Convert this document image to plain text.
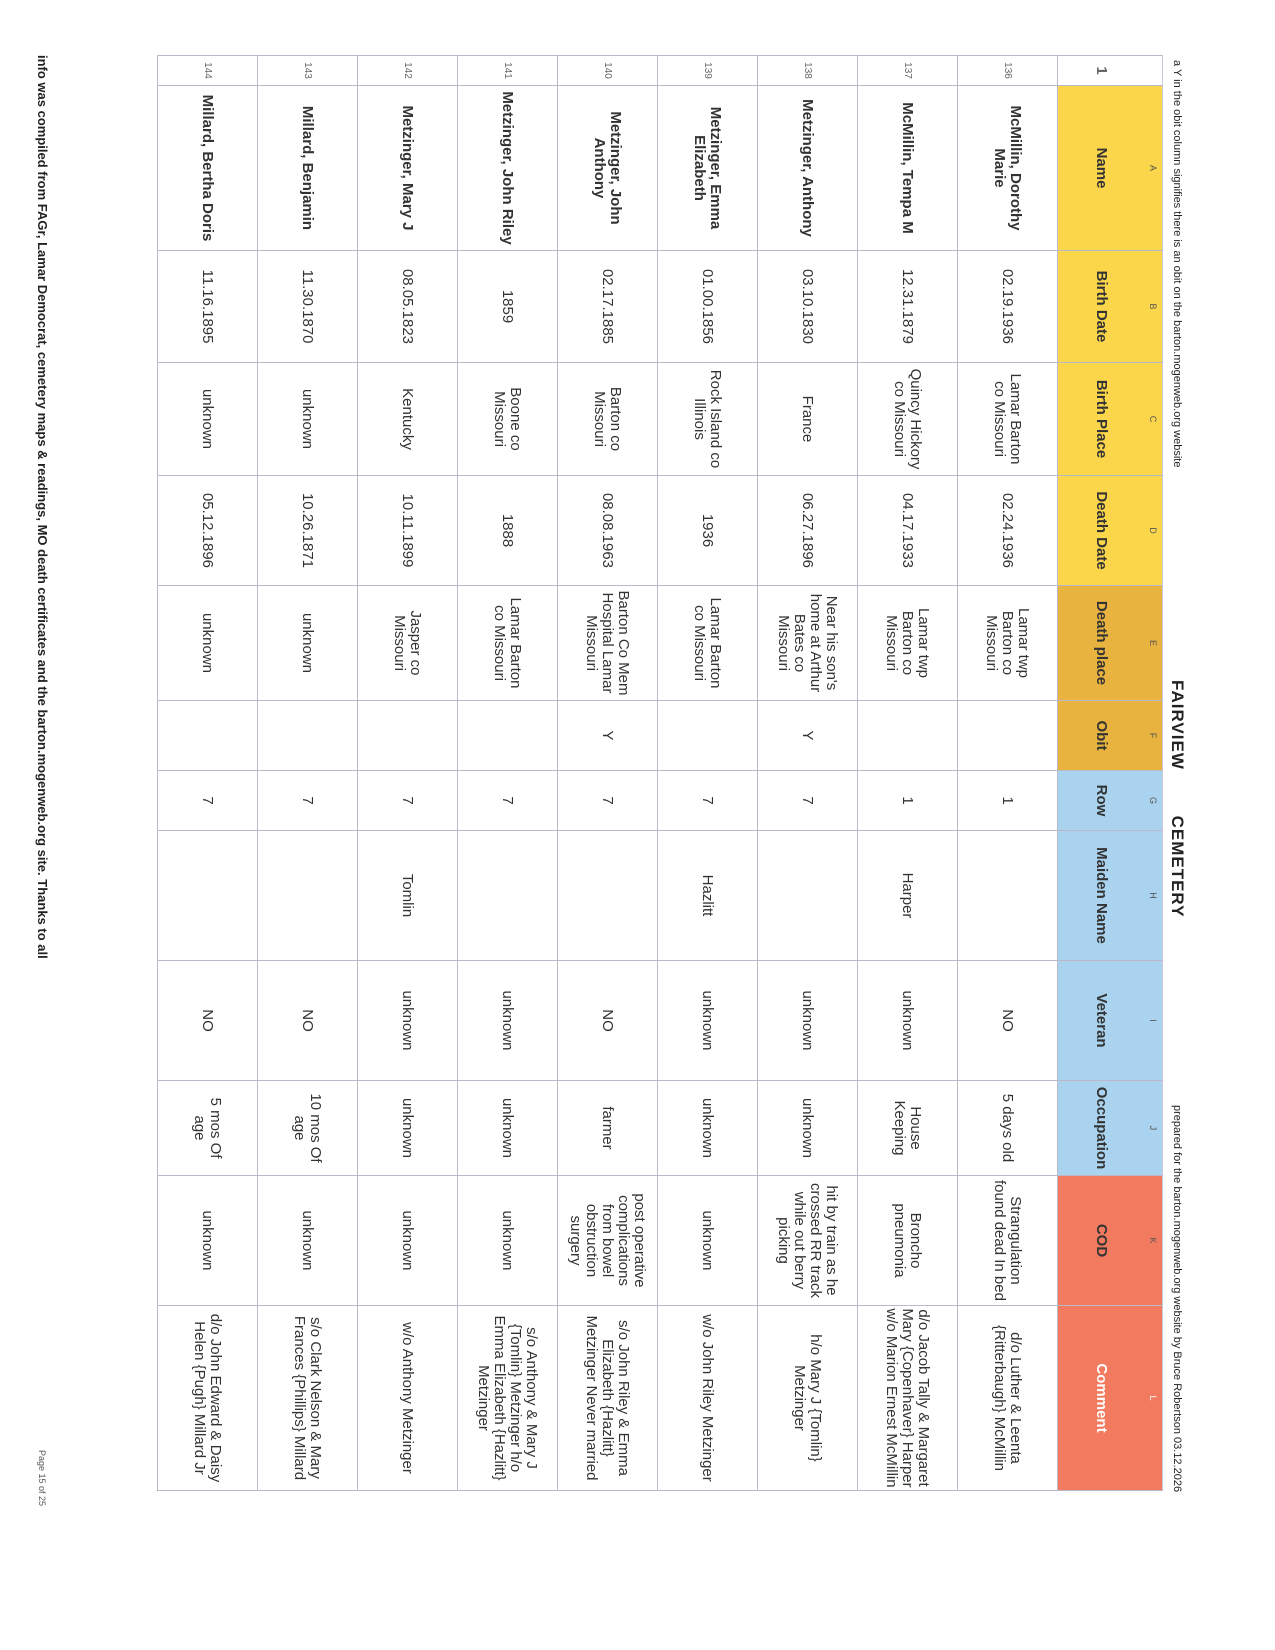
a Y in the obit column signifies there is an obit on the barton.mogenweb.org website
FAIRVIEW CEMETERY
prepared for the barton.mogenweb.org website by Bruce Robertson 03.12.2026
	A	B	C	D	E	F	G	H	I	J	K	L
1	Name	Birth Date	Birth Place	Death Date	Death place	Obit	Row	Maiden Name	Veteran	Occupation	COD	Comment
136	McMillin, Dorothy Marie	02.19.1936	Lamar Barton co Missouri	02.24.1936	Lamar twp Barton co Missouri		1		NO	5 days old	Strangulation found dead In bed	d/o Luther & Leenta {Ritterbaugh} McMillin
137	McMillin, Tempa M	12.31.1879	Quincy Hickory co Missouri	04.17.1933	Lamar twp Barton co Missouri		1	Harper	unknown	House Keeping	Broncho pneumonia	d/o Jacob Tally & Margaret Mary {Copenhaver} Harper w/o Marion Ernest McMillin
138	Metzinger, Anthony	03.10.1830	France	06.27.1896	Near his son's home at Arthur Bates co Missouri	Y	7		unknown	unknown	hit by train as he crossed RR track while out berry picking	h/o Mary J {Tomlin} Metzinger
139	Metzinger, Emma Elizabeth	01.00.1856	Rock Island co Illinois	1936	Lamar Barton co Missouri		7	Hazlitt	unknown	unknown	unknown	w/o John Riley Metzinger
140	Metzinger, John Anthony	02.17.1885	Barton co Missouri	08.08.1963	Barton Co Mem Hospital Lamar Missouri	Y	7		NO	farmer	post operative complications from bowel obstruction surgery	s/o John Riley & Emma Elizabeth {Hazlitt} Metzinger Never married
141	Metzinger, John Riley	1859	Boone co Missouri	1888	Lamar Barton co Missouri		7		unknown	unknown	unknown	s/o Anthony & Mary J {Tomlin} Metzinger h/o Emma Elizabeth {Hazlitt} Metzinger
142	Metzinger, Mary J	08.05.1823	Kentucky	10.11.1899	Jasper co Missouri		7	Tomlin	unknown	unknown	unknown	w/o Anthony Metzinger
143	Millard, Benjamin	11.30.1870	unknown	10.26.1871	unknown		7		NO	10 mos Of age	unknown	s/o Clark Nelson & Mary Frances {Phillips} Millard
144	Millard, Bertha Doris	11.16.1895	unknown	05.12.1896	unknown		7		NO	5 mos Of age	unknown	d/o John Edward & Daisy Helen {Pugh} Millard Jr
info was compiled from FAGr, Lamar Democrat, cemetery maps & readings, MO death certificates and the barton.mogenweb.org site. Thanks to all
Page 15 of 25
